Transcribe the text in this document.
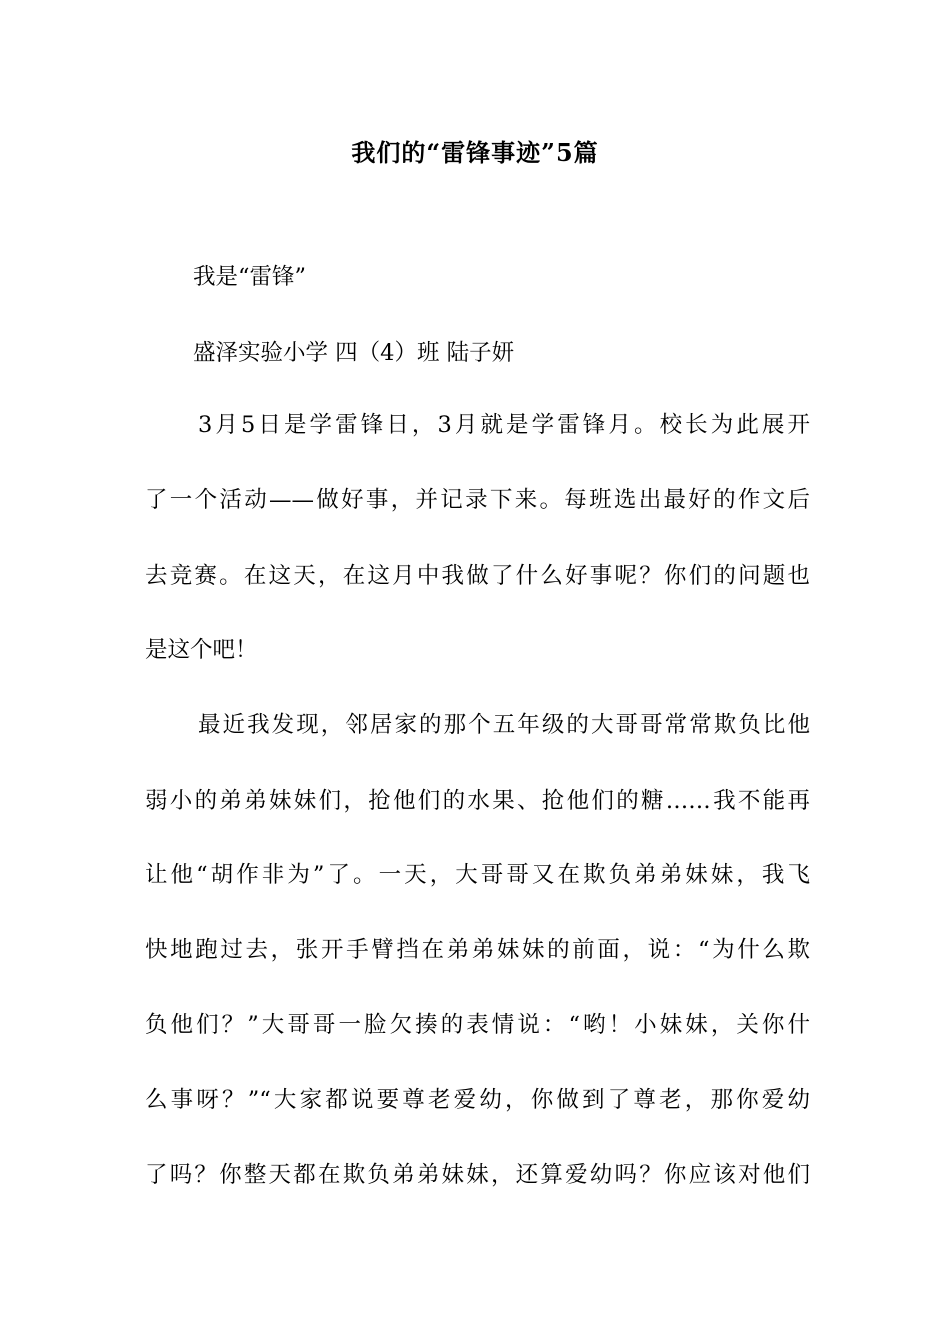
我们的“雷锋事迹”5篇
我是“雷锋”
盛泽实验小学 四（4）班 陆子妍
3月5日是学雷锋日，3月就是学雷锋月。校长为此展开
了一个活动——做好事，并记录下来。每班选出最好的作文后
去竞赛。在这天，在这月中我做了什么好事呢？你们的问题也
是这个吧！
最近我发现，邻居家的那个五年级的大哥哥常常欺负比他
弱小的弟弟妹妹们，抢他们的水果、抢他们的糖……我不能再
让他“胡作非为”了。一天，大哥哥又在欺负弟弟妹妹，我飞
快地跑过去，张开手臂挡在弟弟妹妹的前面，说：“为什么欺
负他们？”大哥哥一脸欠揍的表情说：“哟！小妹妹，关你什
么事呀？”“大家都说要尊老爱幼，你做到了尊老，那你爱幼
了吗？你整天都在欺负弟弟妹妹，还算爱幼吗？你应该对他们
